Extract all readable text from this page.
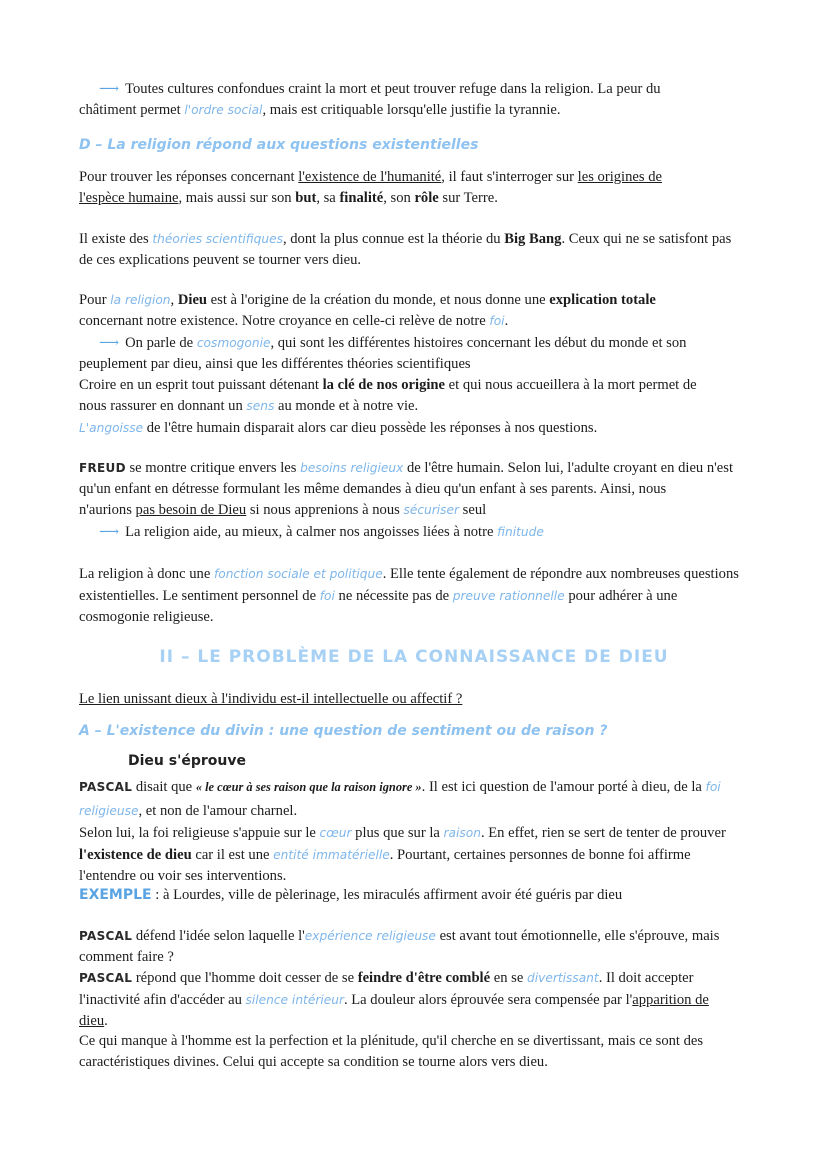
⟶ Toutes cultures confondues craint la mort et peut trouver refuge dans la religion. La peur du
châtiment permet l'ordre social, mais est critiquable lorsqu'elle justifie la tyrannie.
D – La religion répond aux questions existentielles
Pour trouver les réponses concernant l'existence de l'humanité, il faut s'interroger sur les origines de
l'espèce humaine, mais aussi sur son but, sa finalité, son rôle sur Terre.
Il existe des théories scientifiques, dont la plus connue est la théorie du Big Bang. Ceux qui ne se satisfont pas
de ces explications peuvent se tourner vers dieu.
Pour la religion, Dieu est à l'origine de la création du monde, et nous donne une explication totale
concernant notre existence. Notre croyance en celle-ci relève de notre foi.
⟶ On parle de cosmogonie, qui sont les différentes histoires concernant les début du monde et son
peuplement par dieu, ainsi que les différentes théories scientifiques
Croire en un esprit tout puissant détenant la clé de nos origine et qui nous accueillera à la mort permet de
nous rassurer en donnant un sens au monde et à notre vie.
L'angoisse de l'être humain disparait alors car dieu possède les réponses à nos questions.
FREUD se montre critique envers les besoins religieux de l'être humain. Selon lui, l'adulte croyant en dieu n'est
qu'un enfant en détresse formulant les même demandes à dieu qu'un enfant à ses parents. Ainsi, nous
n'aurions pas besoin de Dieu si nous apprenions à nous sécuriser seul
⟶ La religion aide, au mieux, à calmer nos angoisses liées à notre finitude
La religion à donc une fonction sociale et politique. Elle tente également de répondre aux nombreuses questions
existentielles. Le sentiment personnel de foi ne nécessite pas de preuve rationnelle pour adhérer à une
cosmogonie religieuse.
II – LE PROBLÈME DE LA CONNAISSANCE DE DIEU
Le lien unissant dieux à l'individu est-il intellectuelle ou affectif ?
A – L'existence du divin : une question de sentiment ou de raison ?
Dieu s'éprouve
PASCAL disait que « le cœur à ses raison que la raison ignore ». Il est ici question de l'amour porté à dieu, de la foi
religieuse, et non de l'amour charnel.
Selon lui, la foi religieuse s'appuie sur le cœur plus que sur la raison. En effet, rien se sert de tenter de prouver
l'existence de dieu car il est une entité immatérielle. Pourtant, certaines personnes de bonne foi affirme
l'entendre ou voir ses interventions.
EXEMPLE : à Lourdes, ville de pèlerinage, les miraculés affirment avoir été guéris par dieu
PASCAL défend l'idée selon laquelle l'expérience religieuse est avant tout émotionnelle, elle s'éprouve, mais
comment faire ?
PASCAL répond que l'homme doit cesser de se feindre d'être comblé en se divertissant. Il doit accepter
l'inactivité afin d'accéder au silence intérieur. La douleur alors éprouvée sera compensée par l'apparition de
dieu.
Ce qui manque à l'homme est la perfection et la plénitude, qu'il cherche en se divertissant, mais ce sont des
caractéristiques divines. Celui qui accepte sa condition se tourne alors vers dieu.
